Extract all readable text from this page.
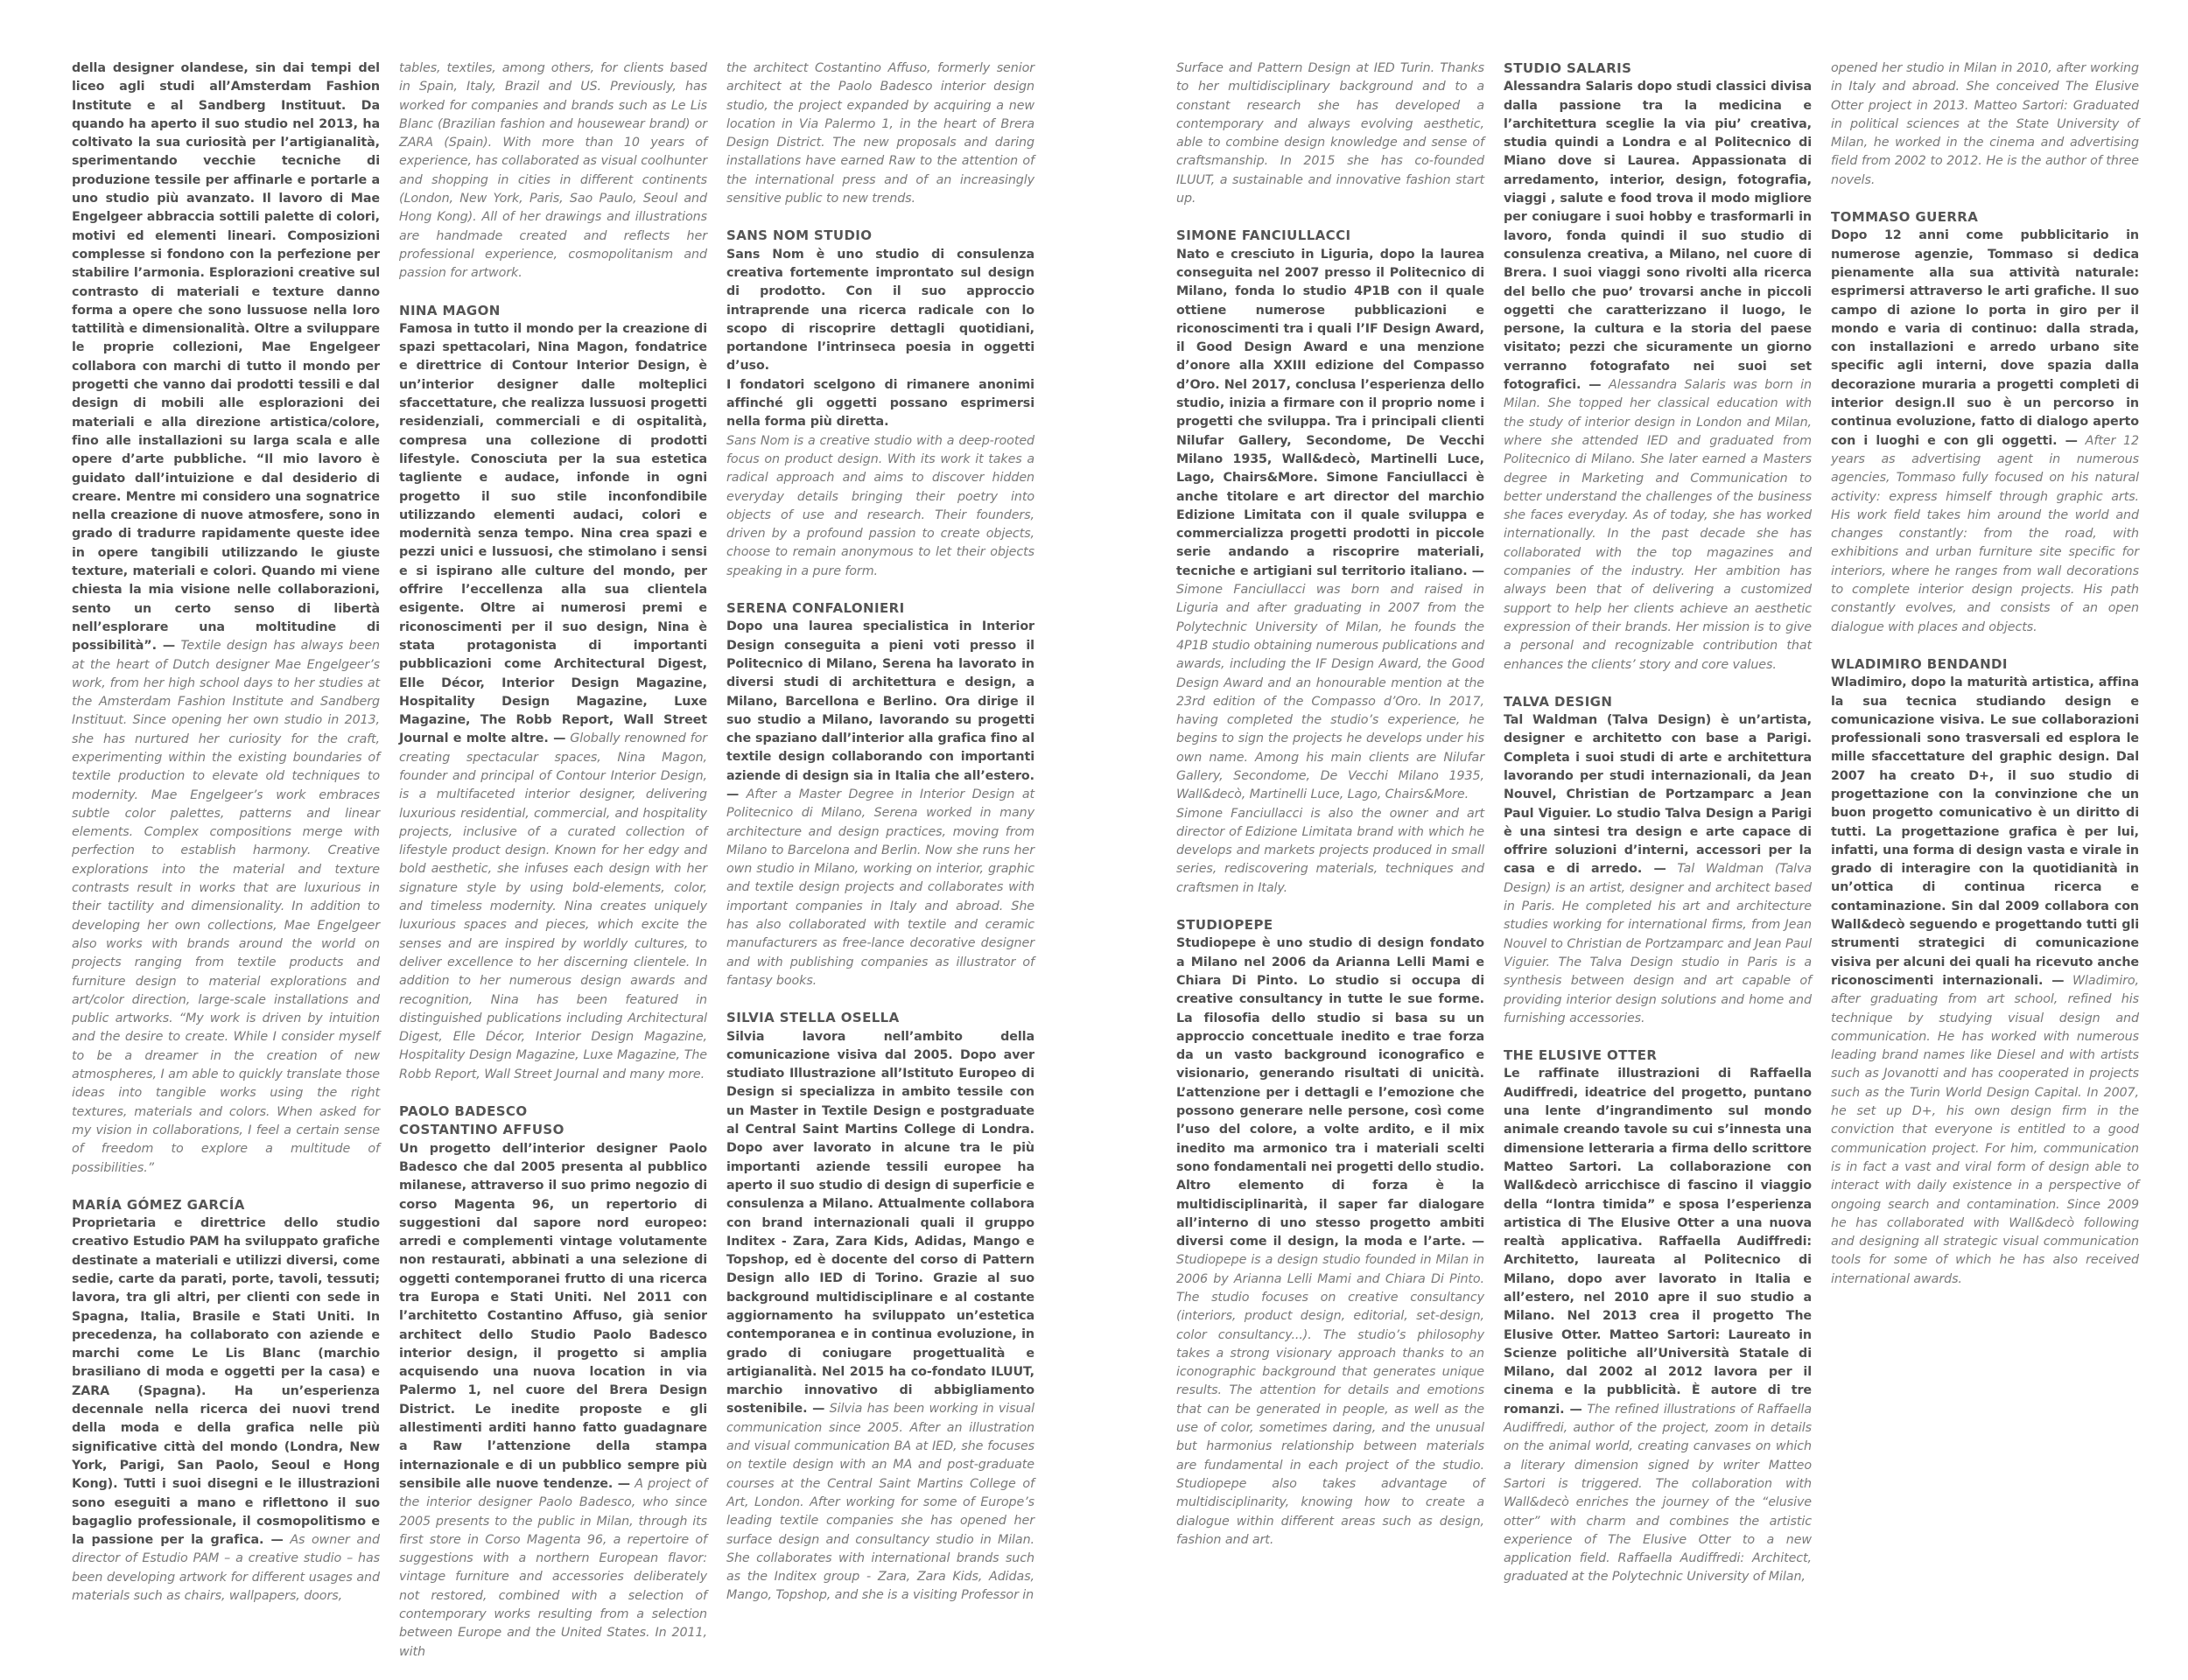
della designer olandese, sin dai tempi del liceo agli studi all’Amsterdam Fashion Institute e al Sandberg Instituut. Da quando ha aperto il suo studio nel 2013, ha coltivato la sua curiosità per l’artigianalità, sperimentando vecchie tecniche di produzione tessile per affinarle e portarle a uno studio più avanzato. Il lavoro di Mae Engelgeer abbraccia sottili palette di colori, motivi ed elementi lineari. Composizioni complesse si fondono con la perfezione per stabilire l’armonia. Esplorazioni creative sul contrasto di materiali e texture danno forma a opere che sono lussuose nella loro tattilità e dimensionalità. Oltre a sviluppare le proprie collezioni, Mae Engelgeer collabora con marchi di tutto il mondo per progetti che vanno dai prodotti tessili e dal design di mobili alle esplorazioni dei materiali e alla direzione artistica/colore, fino alle installazioni su larga scala e alle opere d’arte pubbliche. “Il mio lavoro è guidato dall’intuizione e dal desiderio di creare. Mentre mi considero una sognatrice nella creazione di nuove atmosfere, sono in grado di tradurre rapidamente queste idee in opere tangibili utilizzando le giuste texture, materiali e colori. Quando mi viene chiesta la mia visione nelle collaborazioni, sento un certo senso di libertà nell’esplorare una moltitudine di possibilità”. — Textile design has always been at the heart of Dutch designer Mae Engelgeer’s work, from her high school days to her studies at the Amsterdam Fashion Institute and Sandberg Instituut. Since opening her own studio in 2013, she has nurtured her curiosity for the craft, experimenting within the existing boundaries of textile production to elevate old techniques to modernity. Mae Engelgeer’s work embraces subtle color palettes, patterns and linear elements. Complex compositions merge with perfection to establish harmony. Creative explorations into the material and texture contrasts result in works that are luxurious in their tactility and dimensionality. In addition to developing her own collections, Mae Engelgeer also works with brands around the world on projects ranging from textile products and furniture design to material explorations and art/color direction, large-scale installations and public artworks. “My work is driven by intuition and the desire to create. While I consider myself to be a dreamer in the creation of new atmospheres, I am able to quickly translate those ideas into tangible works using the right textures, materials and colors. When asked for my vision in collaborations, I feel a certain sense of freedom to explore a multitude of possibilities.”

MARÍA GÓMEZ GARCÍA

Proprietaria e direttrice dello studio creativo Estudio PAM ha sviluppato grafiche destinate a materiali e utilizzi diversi, come sedie, carte da parati, porte, tavoli, tessuti; lavora, tra gli altri, per clienti con sede in Spagna, Italia, Brasile e Stati Uniti. In precedenza, ha collaborato con aziende e marchi come Le Lis Blanc (marchio brasiliano di moda e oggetti per la casa) e ZARA (Spagna). Ha un’esperienza decennale nella ricerca dei nuovi trend della moda e della grafica nelle più significative città del mondo (Londra, New York, Parigi, San Paolo, Seoul e Hong Kong). Tutti i suoi disegni e le illustrazioni sono eseguiti a mano e riflettono il suo bagaglio professionale, il cosmopolitismo e la passione per la grafica. — As owner and director of Estudio PAM – a creative studio – has been developing artwork for different usages and materials such as chairs, wallpapers, doors,

tables, textiles, among others, for clients based in Spain, Italy, Brazil and US. Previously, has worked for companies and brands such as Le Lis Blanc (Brazilian fashion and housewear brand) or ZARA (Spain). With more than 10 years of experience, has collaborated as visual coolhunter and shopping in cities in different continents (London, New York, Paris, Sao Paulo, Seoul and Hong Kong). All of her drawings and illustrations are handmade created and reflects her professional experience, cosmopolitanism and passion for artwork.

NINA MAGON

Famosa in tutto il mondo per la creazione di spazi spettacolari, Nina Magon, fondatrice e direttrice di Contour Interior Design, è un’interior designer dalle molteplici sfaccettature, che realizza lussuosi progetti residenziali, commerciali e di ospitalità, compresa una collezione di prodotti lifestyle. Conosciuta per la sua estetica tagliente e audace, infonde in ogni progetto il suo stile inconfondibile utilizzando elementi audaci, colori e modernità senza tempo. Nina crea spazi e pezzi unici e lussuosi, che stimolano i sensi e si ispirano alle culture del mondo, per offrire l’eccellenza alla sua clientela esigente. Oltre ai numerosi premi e riconoscimenti per il suo design, Nina è stata protagonista di importanti pubblicazioni come Architectural Digest, Elle Décor, Interior Design Magazine, Hospitality Design Magazine, Luxe Magazine, The Robb Report, Wall Street Journal e molte altre. — Globally renowned for creating spectacular spaces, Nina Magon, founder and principal of Contour Interior Design, is a multifaceted interior designer, delivering luxurious residential, commercial, and hospitality projects, inclusive of a curated collection of lifestyle product design. Known for her edgy and bold aesthetic, she infuses each design with her signature style by using bold-elements, color, and timeless modernity. Nina creates uniquely luxurious spaces and pieces, which excite the senses and are inspired by worldly cultures, to deliver excellence to her discerning clientele. In addition to her numerous design awards and recognition, Nina has been featured in distinguished publications including Architectural Digest, Elle Décor, Interior Design Magazine, Hospitality Design Magazine, Luxe Magazine, The Robb Report, Wall Street Journal and many more.

PAOLO BADESCO
COSTANTINO AFFUSO

Un progetto dell’interior designer Paolo Badesco che dal 2005 presenta al pubblico milanese, attraverso il suo primo negozio di corso Magenta 96, un repertorio di suggestioni dal sapore nord europeo: arredi e complementi vintage volutamente non restaurati, abbinati a una selezione di oggetti contemporanei frutto di una ricerca tra Europa e Stati Uniti. Nel 2011 con l’architetto Costantino Affuso, già senior architect dello Studio Paolo Badesco interior design, il progetto si amplia acquisendo una nuova location in via Palermo 1, nel cuore del Brera Design District. Le inedite proposte e gli allestimenti arditi hanno fatto guadagnare a Raw l’attenzione della stampa internazionale e di un pubblico sempre più sensibile alle nuove tendenze. — A project of the interior designer Paolo Badesco, who since 2005 presents to the public in Milan, through its first store in Corso Magenta 96, a repertoire of suggestions with a northern European flavor: vintage furniture and accessories deliberately not restored, combined with a selection of contemporary works resulting from a selection between Europe and the United States. In 2011, with

the architect Costantino Affuso, formerly senior architect at the Paolo Badesco interior design studio, the project expanded by acquiring a new location in Via Palermo 1, in the heart of Brera Design District. The new proposals and daring installations have earned Raw to the attention of the international press and of an increasingly sensitive public to new trends.

SANS NOM STUDIO

Sans Nom è uno studio di consulenza creativa fortemente improntato sul design di prodotto. Con il suo approccio intraprende una ricerca radicale con lo scopo di riscoprire dettagli quotidiani, portandone l’intrinseca poesia in oggetti d’uso.
I fondatori scelgono di rimanere anonimi affinché gli oggetti possano esprimersi nella forma più diretta.

Sans Nom is a creative studio with a deep-rooted focus on product design. With its work it takes a radical approach and aims to discover hidden everyday details bringing their poetry into objects of use and research. Their founders, driven by a profound passion to create objects, choose to remain anonymous to let their objects speaking in a pure form.

SERENA CONFALONIERI

Dopo una laurea specialistica in Interior Design conseguita a pieni voti presso il Politecnico di Milano, Serena ha lavorato in diversi studi di architettura e design, a Milano, Barcellona e Berlino. Ora dirige il suo studio a Milano, lavorando su progetti che spaziano dall’interior alla grafica fino al textile design collaborando con importanti aziende di design sia in Italia che all’estero. — After a Master Degree in Interior Design at Politecnico di Milano, Serena worked in many architecture and design practices, moving from Milano to Barcelona and Berlin. Now she runs her own studio in Milano, working on interior, graphic and textile design projects and collaborates with important companies in Italy and abroad. She has also collaborated with textile and ceramic manufacturers as free-lance decorative designer and with publishing companies as illustrator of fantasy books.

SILVIA STELLA OSELLA

Silvia lavora nell’ambito della comunicazione visiva dal 2005. Dopo aver studiato Illustrazione all’Istituto Europeo di Design si specializza in ambito tessile con un Master in Textile Design e postgraduate al Central Saint Martins College di Londra. Dopo aver lavorato in alcune tra le più importanti aziende tessili europee ha aperto il suo studio di design di superficie e consulenza a Milano. Attualmente collabora con brand internazionali quali il gruppo Inditex - Zara, Zara Kids, Adidas, Mango e Topshop, ed è docente del corso di Pattern Design allo IED di Torino. Grazie al suo background multidisciplinare e al costante aggiornamento ha sviluppato un’estetica contemporanea e in continua evoluzione, in grado di coniugare progettualità e artigianalità. Nel 2015 ha co-fondato ILUUT, marchio innovativo di abbigliamento sostenibile. — Silvia has been working in visual communication since 2005. After an illustration and visual communication BA at IED, she focuses on textile design with an MA and post-graduate courses at the Central Saint Martins College of Art, London. After working for some of Europe’s leading textile companies she has opened her surface design and consultancy studio in Milan. She collaborates with international brands such as the Inditex group - Zara, Zara Kids, Adidas, Mango, Topshop, and she is a visiting Professor in

Surface and Pattern Design at IED Turin. Thanks to her multidisciplinary background and to a constant research she has developed a contemporary and always evolving aesthetic, able to combine design knowledge and sense of craftsmanship. In 2015 she has co-founded ILUUT, a sustainable and innovative fashion start up.

SIMONE FANCIULLACCI

Nato e cresciuto in Liguria, dopo la laurea conseguita nel 2007 presso il Politecnico di Milano, fonda lo studio 4P1B con il quale ottiene numerose pubblicazioni e riconoscimenti tra i quali l’IF Design Award, il Good Design Award e una menzione d’onore alla XXIII edizione del Compasso d’Oro. Nel 2017, conclusa l’esperienza dello studio, inizia a firmare con il proprio nome i progetti che sviluppa. Tra i principali clienti Nilufar Gallery, Secondome, De Vecchi Milano 1935, Wall&decò, Martinelli Luce, Lago, Chairs&More. Simone Fanciullacci è anche titolare e art director del marchio Edizione Limitata con il quale sviluppa e commercializza progetti prodotti in piccole serie andando a riscoprire materiali, tecniche e artigiani sul territorio italiano. — Simone Fanciullacci was born and raised in Liguria and after graduating in 2007 from the Polytechnic University of Milan, he founds the 4P1B studio obtaining numerous publications and awards, including the IF Design Award, the Good Design Award and an honourable mention at the 23rd edition of the Compasso d’Oro. In 2017, having completed the studio’s experience, he begins to sign the projects he develops under his own name. Among his main clients are Nilufar Gallery, Secondome, De Vecchi Milano 1935, Wall&decò, Martinelli Luce, Lago, Chairs&More.
Simone Fanciullacci is also the owner and art director of Edizione Limitata brand with which he develops and markets projects produced in small series, rediscovering materials, techniques and craftsmen in Italy.

STUDIOPEPE

Studiopepe è uno studio di design fondato a Milano nel 2006 da Arianna Lelli Mami e Chiara Di Pinto. Lo studio si occupa di creative consultancy in tutte le sue forme. La filosofia dello studio si basa su un approccio concettuale inedito e trae forza da un vasto background iconografico e visionario, generando risultati di unicità. L’attenzione per i dettagli e l’emozione che possono generare nelle persone, così come l’uso del colore, a volte ardito, e il mix inedito ma armonico tra i materiali scelti sono fondamentali nei progetti dello studio. Altro elemento di forza è la multidisciplinarità, il saper far dialogare all’interno di uno stesso progetto ambiti diversi come il design, la moda e l’arte. — Studiopepe is a design studio founded in Milan in 2006 by Arianna Lelli Mami and Chiara Di Pinto. The studio focuses on creative consultancy (interiors, product design, editorial, set-design, color consultancy...). The studio’s philosophy takes a strong visionary approach thanks to an iconographic background that generates unique results. The attention for details and emotions that can be generated in people, as well as the use of color, sometimes daring, and the unusual but harmonius relationship between materials are fundamental in each project of the studio. Studiopepe also takes advantage of multidisciplinarity, knowing how to create a dialogue within different areas such as design, fashion and art.

STUDIO SALARIS

Alessandra Salaris dopo studi classici divisa dalla passione tra la medicina e l’architettura sceglie la via piu’ creativa, studia quindi a Londra e al Politecnico di Miano dove si Laurea. Appassionata di arredamento, interior, design, fotografia, viaggi , salute e food trova il modo migliore per coniugare i suoi hobby e trasformarli in lavoro, fonda quindi il suo studio di consulenza creativa, a Milano, nel cuore di Brera. I suoi viaggi sono rivolti alla ricerca del bello che puo’ trovarsi anche in piccoli oggetti che caratterizzano il luogo, le persone, la cultura e la storia del paese visitato; pezzi che sicuramente un giorno verranno fotografato nei suoi set fotografici. — Alessandra Salaris was born in Milan. She topped her classical education with the study of interior design in London and Milan, where she attended IED and graduated from Politecnico di Milano. She later earned a Masters degree in Marketing and Communication to better understand the challenges of the business she faces everyday. As of today, she has worked internationally. In the past decade she has collaborated with the top magazines and companies of the industry. Her ambition has always been that of delivering a customized support to help her clients achieve an aesthetic expression of their brands. Her mission is to give a personal and recognizable contribution that enhances the clients’ story and core values.

TALVA DESIGN

Tal Waldman (Talva Design) è un’artista, designer e architetto con base a Parigi. Completa i suoi studi di arte e architettura lavorando per studi internazionali, da Jean Nouvel, Christian de Portzamparc a Jean Paul Viguier. Lo studio Talva Design a Parigi è una sintesi tra design e arte capace di offrire soluzioni d’interni, accessori per la casa e di arredo. — Tal Waldman (Talva Design) is an artist, designer and architect based in Paris. He completed his art and architecture studies working for international firms, from Jean Nouvel to Christian de Portzamparc and Jean Paul Viguier. The Talva Design studio in Paris is a synthesis between design and art capable of providing interior design solutions and home and furnishing accessories.

THE ELUSIVE OTTER

Le raffinate illustrazioni di Raffaella Audiffredi, ideatrice del progetto, puntano una lente d’ingrandimento sul mondo animale creando tavole su cui s’innesta una dimensione letteraria a firma dello scrittore Matteo Sartori. La collaborazione con Wall&decò arricchisce di fascino il viaggio della “lontra timida” e sposa l’esperienza artistica di The Elusive Otter a una nuova realtà applicativa. Raffaella Audiffredi: Architetto, laureata al Politecnico di Milano, dopo aver lavorato in Italia e all’estero, nel 2010 apre il suo studio a Milano. Nel 2013 crea il progetto The Elusive Otter. Matteo Sartori: Laureato in Scienze politiche all’Università Statale di Milano, dal 2002 al 2012 lavora per il cinema e la pubblicità. È autore di tre romanzi. — The refined illustrations of Raffaella Audiffredi, author of the project, zoom in details on the animal world, creating canvases on which a literary dimension signed by writer Matteo Sartori is triggered. The collaboration with Wall&decò enriches the journey of the “elusive otter” with charm and combines the artistic experience of The Elusive Otter to a new application field. Raffaella Audiffredi: Architect, graduated at the Polytechnic University of Milan,

opened her studio in Milan in 2010, after working in Italy and abroad. She conceived The Elusive Otter project in 2013. Matteo Sartori: Graduated in political sciences at the State University of Milan, he worked in the cinema and advertising field from 2002 to 2012. He is the author of three novels.

TOMMASO GUERRA

Dopo 12 anni come pubblicitario in numerose agenzie, Tommaso si dedica pienamente alla sua attività naturale: esprimersi attraverso le arti grafiche. Il suo campo di azione lo porta in giro per il mondo e varia di continuo: dalla strada, con installazioni e arredo urbano site specific agli interni, dove spazia dalla decorazione muraria a progetti completi di interior design.Il suo è un percorso in continua evoluzione, fatto di dialogo aperto con i luoghi e con gli oggetti. — After 12 years as advertising agent in numerous agencies, Tommaso fully focused on his natural activity: express himself through graphic arts. His work field takes him around the world and changes constantly: from the road, with exhibitions and urban furniture site specific for interiors, where he ranges from wall decorations to complete interior design projects. His path constantly evolves, and consists of an open dialogue with places and objects.

WLADIMIRO BENDANDI

Wladimiro, dopo la maturità artistica, affina la sua tecnica studiando design e comunicazione visiva. Le sue collaborazioni professionali sono trasversali ed esplora le mille sfaccettature del graphic design. Dal 2007 ha creato D+, il suo studio di progettazione con la convinzione che un buon progetto comunicativo è un diritto di tutti. La progettazione grafica è per lui, infatti, una forma di design vasta e virale in grado di interagire con la quotidianità in un’ottica di continua ricerca e contaminazione. Sin dal 2009 collabora con Wall&decò seguendo e progettando tutti gli strumenti strategici di comunicazione visiva per alcuni dei quali ha ricevuto anche riconoscimenti internazionali. — Wladimiro, after graduating from art school, refined his technique by studying visual design and communication. He has worked with numerous leading brand names like Diesel and with artists such as Jovanotti and has cooperated in projects such as the Turin World Design Capital. In 2007, he set up D+, his own design firm in the conviction that everyone is entitled to a good communication project. For him, communication is in fact a vast and viral form of design able to interact with daily existence in a perspective of ongoing search and contamination. Since 2009 he has collaborated with Wall&decò following and designing all strategic visual communication tools for some of which he has also received international awards.
